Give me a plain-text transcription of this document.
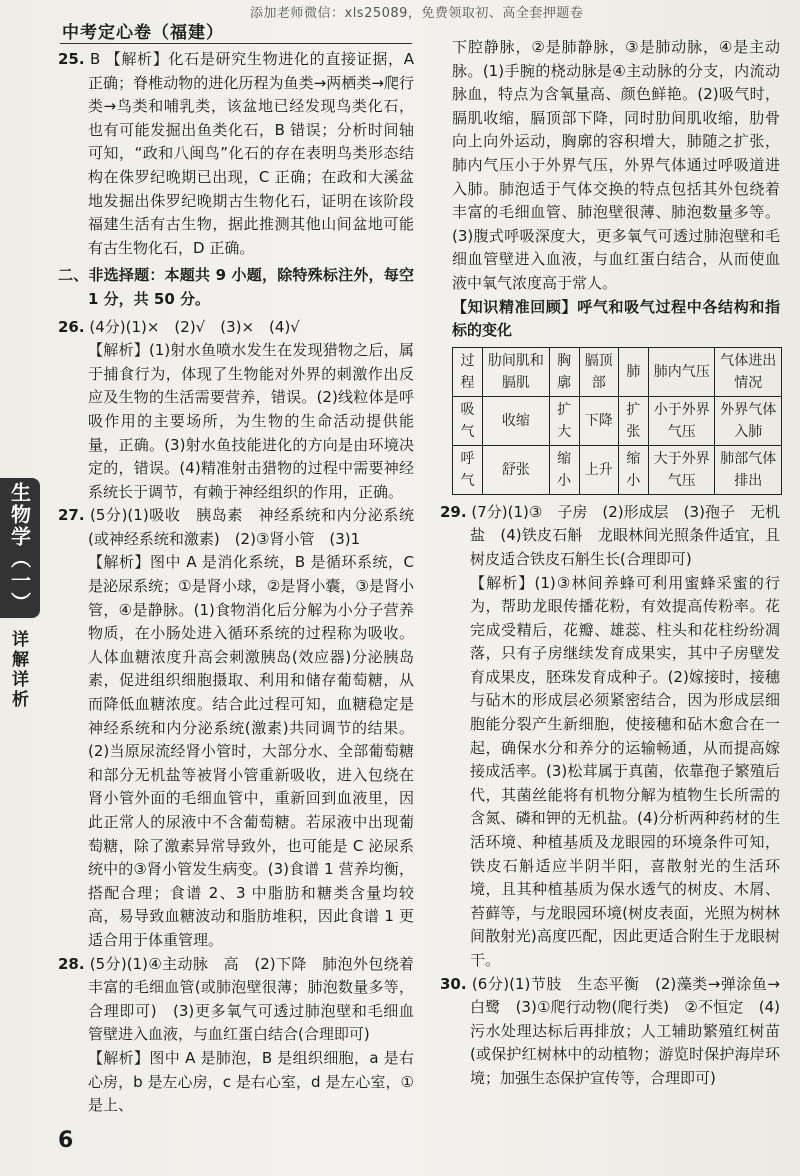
添加老师微信：xls25089，免费领取初、高全套押题卷
中考定心卷（福建）
生物学（一）
详解详析
25. B 【解析】化石是研究生物进化的直接证据，A 正确；脊椎动物的进化历程为鱼类→两栖类→爬行类→鸟类和哺乳类，该盆地已经发现鸟类化石，也有可能发掘出鱼类化石，B 错误；分析时间轴可知，“政和八闽鸟”化石的存在表明鸟类形态结构在侏罗纪晚期已出现，C 正确；在政和大溪盆地发掘出侏罗纪晚期古生物化石，证明在该阶段福建生活有古生物，据此推测其他山间盆地可能有古生物化石，D 正确。
二、非选择题：本题共 9 小题，除特殊标注外，每空 1 分，共 50 分。
26. (4分)(1)×　(2)√　(3)×　(4)√
【解析】(1)射水鱼喷水发生在发现猎物之后，属于捕食行为，体现了生物能对外界的刺激作出反应及生物的生活需要营养，错误。(2)线粒体是呼吸作用的主要场所，为生物的生命活动提供能量，正确。(3)射水鱼技能进化的方向是由环境决定的，错误。(4)精准射击猎物的过程中需要神经系统长于调节，有赖于神经组织的作用，正确。
27. (5分)(1)吸收　胰岛素　神经系统和内分泌系统(或神经系统和激素)　(2)③肾小管　(3)1
【解析】图中 A 是消化系统，B 是循环系统，C 是泌尿系统；①是肾小球，②是肾小囊，③是肾小管，④是静脉。(1)食物消化后分解为小分子营养物质，在小肠处进入循环系统的过程称为吸收。人体血糖浓度升高会刺激胰岛(效应器)分泌胰岛素，促进组织细胞摄取、利用和储存葡萄糖，从而降低血糖浓度。结合此过程可知，血糖稳定是神经系统和内分泌系统(激素)共同调节的结果。(2)当原尿流经肾小管时，大部分水、全部葡萄糖和部分无机盐等被肾小管重新吸收，进入包绕在肾小管外面的毛细血管中，重新回到血液里，因此正常人的尿液中不含葡萄糖。若尿液中出现葡萄糖，除了激素异常导致外，也可能是 C 泌尿系统中的③肾小管发生病变。(3)食谱 1 营养均衡，搭配合理；食谱 2、3 中脂肪和糖类含量均较高，易导致血糖波动和脂肪堆积，因此食谱 1 更适合用于体重管理。
28. (5分)(1)④主动脉　高　(2)下降　肺泡外包绕着丰富的毛细血管(或肺泡壁很薄；肺泡数量多等，合理即可)　(3)更多氧气可透过肺泡壁和毛细血管壁进入血液，与血红蛋白结合(合理即可)
【解析】图中 A 是肺泡，B 是组织细胞，a 是右心房，b 是左心房，c 是右心室，d 是左心室，①是上、
下腔静脉，②是肺静脉，③是肺动脉，④是主动脉。(1)手腕的桡动脉是④主动脉的分支，内流动脉血，特点为含氧量高、颜色鲜艳。(2)吸气时，膈肌收缩，膈顶部下降，同时肋间肌收缩，肋骨向上向外运动，胸廓的容积增大，肺随之扩张，肺内气压小于外界气压，外界气体通过呼吸道进入肺。肺泡适于气体交换的特点包括其外包绕着丰富的毛细血管、肺泡壁很薄、肺泡数量多等。(3)腹式呼吸深度大，更多氧气可透过肺泡壁和毛细血管壁进入血液，与血红蛋白结合，从而使血液中氧气浓度高于常人。
【知识精准回顾】呼气和吸气过程中各结构和指标的变化
过程	肋间肌和膈肌	胸廓	膈顶部	肺	肺内气压	气体进出情况
吸气	收缩	扩大	下降	扩张	小于外界气压	外界气体入肺
呼气	舒张	缩小	上升	缩小	大于外界气压	肺部气体排出
29. (7分)(1)③　子房　(2)形成层　(3)孢子　无机盐　(4)铁皮石斛　龙眼林间光照条件适宜，且树皮适合铁皮石斛生长(合理即可)
【解析】(1)③林间养蜂可利用蜜蜂采蜜的行为，帮助龙眼传播花粉，有效提高传粉率。花完成受精后，花瓣、雄蕊、柱头和花柱纷纷凋落，只有子房继续发育成果实，其中子房壁发育成果皮，胚珠发育成种子。(2)嫁接时，接穗与砧木的形成层必须紧密结合，因为形成层细胞能分裂产生新细胞，使接穗和砧木愈合在一起，确保水分和养分的运输畅通，从而提高嫁接成活率。(3)松茸属于真菌，依靠孢子繁殖后代，其菌丝能将有机物分解为植物生长所需的含氮、磷和钾的无机盐。(4)分析两种药材的生活环境、种植基质及龙眼园的环境条件可知，铁皮石斛适应半阴半阳，喜散射光的生活环境，且其种植基质为保水透气的树皮、木屑、苔藓等，与龙眼园环境(树皮表面，光照为树林间散射光)高度匹配，因此更适合附生于龙眼树干。
30. (6分)(1)节肢　生态平衡　(2)藻类→弹涂鱼→白鹭　(3)①爬行动物(爬行类)　②不恒定　(4)污水处理达标后再排放；人工辅助繁殖红树苗(或保护红树林中的动植物；游览时保护海岸环境；加强生态保护宣传等，合理即可)
6
